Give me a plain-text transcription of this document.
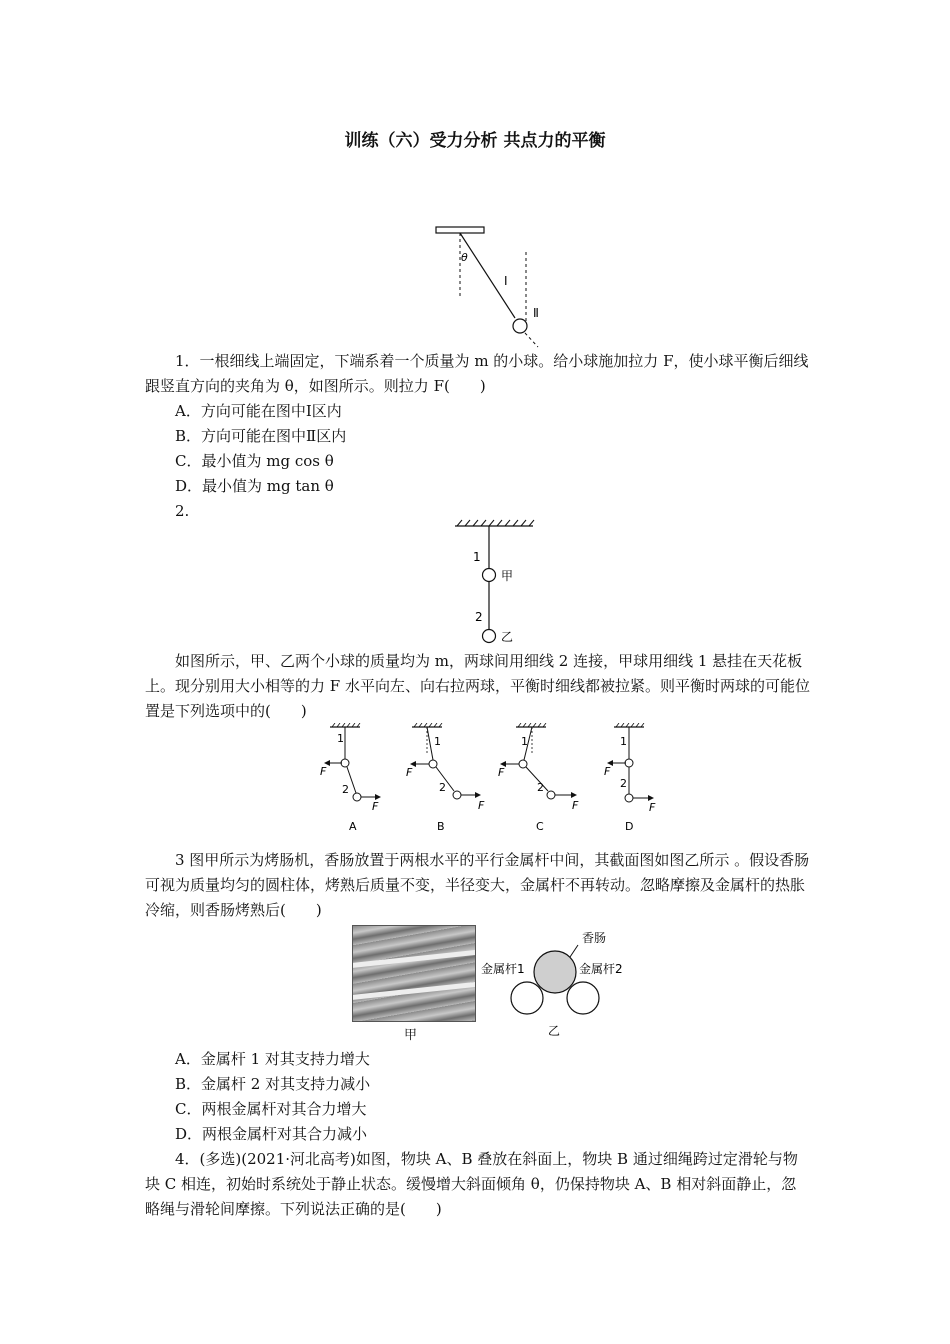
训练（六）受力分析 共点力的平衡
θ
Ⅰ
Ⅱ

1．一根细线上端固定，下端系着一个质量为 m 的小球。给小球施加拉力 F，使小球平衡后细线跟竖直方向的夹角为 θ，如图所示。则拉力 F(　　)

A．方向可能在图中Ⅰ区内

B．方向可能在图中Ⅱ区内

C．最小值为 mg cos θ

D．最小值为 mg tan θ

2.

1
甲
2
乙

如图所示，甲、乙两个小球的质量均为 m，两球间用细线 2 连接，甲球用细线 1 悬挂在天花板上。现分别用大小相等的力 F 水平向左、向右拉两球，平衡时细线都被拉紧。则平衡时两球的可能位置是下列选项中的(　　)

1
F
2
F
A
1
F
2
F
B
1
F
2
F
C
1
F
2
F
D

3 图甲所示为烤肠机，香肠放置于两根水平的平行金属杆中间，其截面图如图乙所示 。假设香肠可视为质量均匀的圆柱体，烤熟后质量不变，半径变大，金属杆不再转动。忽略摩擦及金属杆的热胀冷缩，则香肠烤熟后(　　)

甲
香肠
金属杆1	金属杆2
乙

A．金属杆 1 对其支持力增大

B．金属杆 2 对其支持力减小

C．两根金属杆对其合力增大

D．两根金属杆对其合力减小

4．(多选)(2021·河北高考)如图，物块 A、B 叠放在斜面上，物块 B 通过细绳跨过定滑轮与物块 C 相连，初始时系统处于静止状态。缓慢增大斜面倾角 θ，仍保持物块 A、B 相对斜面静止，忽略绳与滑轮间摩擦。下列说法正确的是(　　)
